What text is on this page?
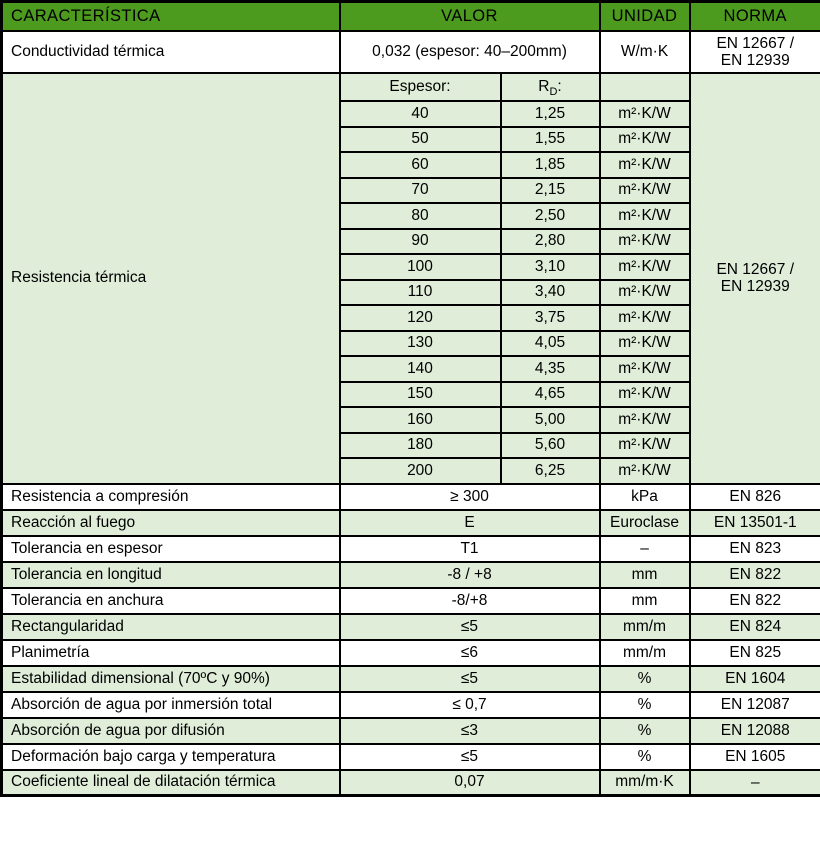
CARACTERÍSTICA	VALOR		UNIDAD	NORMA
Conductividad térmica	0,032 (espesor: 40–200mm)		W/m·K	EN 12667 /
EN 12939
Resistencia térmica	Espesor:	$R_D$:		EN 12667 /
EN 12939
	40	1,25	m²·K/W	
	50	1,55	m²·K/W	
	60	1,85	m²·K/W	
	70	2,15	m²·K/W	
	80	2,50	m²·K/W	
	90	2,80	m²·K/W	
	100	3,10	m²·K/W	
	110	3,40	m²·K/W	
	120	3,75	m²·K/W	
	130	4,05	m²·K/W	
	140	4,35	m²·K/W	
	150	4,65	m²·K/W	
	160	5,00	m²·K/W	
	180	5,60	m²·K/W	
	200	6,25	m²·K/W	
Resistencia a compresión	≥ 300		kPa	EN 826
Reacción al fuego	E		Euroclase	EN 13501-1
Tolerancia en espesor	T1		–	EN 823
Tolerancia en longitud	-8 / +8		mm	EN 822
Tolerancia en anchura	-8/+8		mm	EN 822
Rectangularidad	≤5		mm/m	EN 824
Planimetría	≤6		mm/m	EN 825
Estabilidad dimensional (70ºC y 90%)	≤5		%	EN 1604
Absorción de agua por inmersión total	≤ 0,7		%	EN 12087
Absorción de agua por difusión	≤3		%	EN 12088
Deformación bajo carga y temperatura	≤5		%	EN 1605
Coeficiente lineal de dilatación térmica	0,07		mm/m·K	–
